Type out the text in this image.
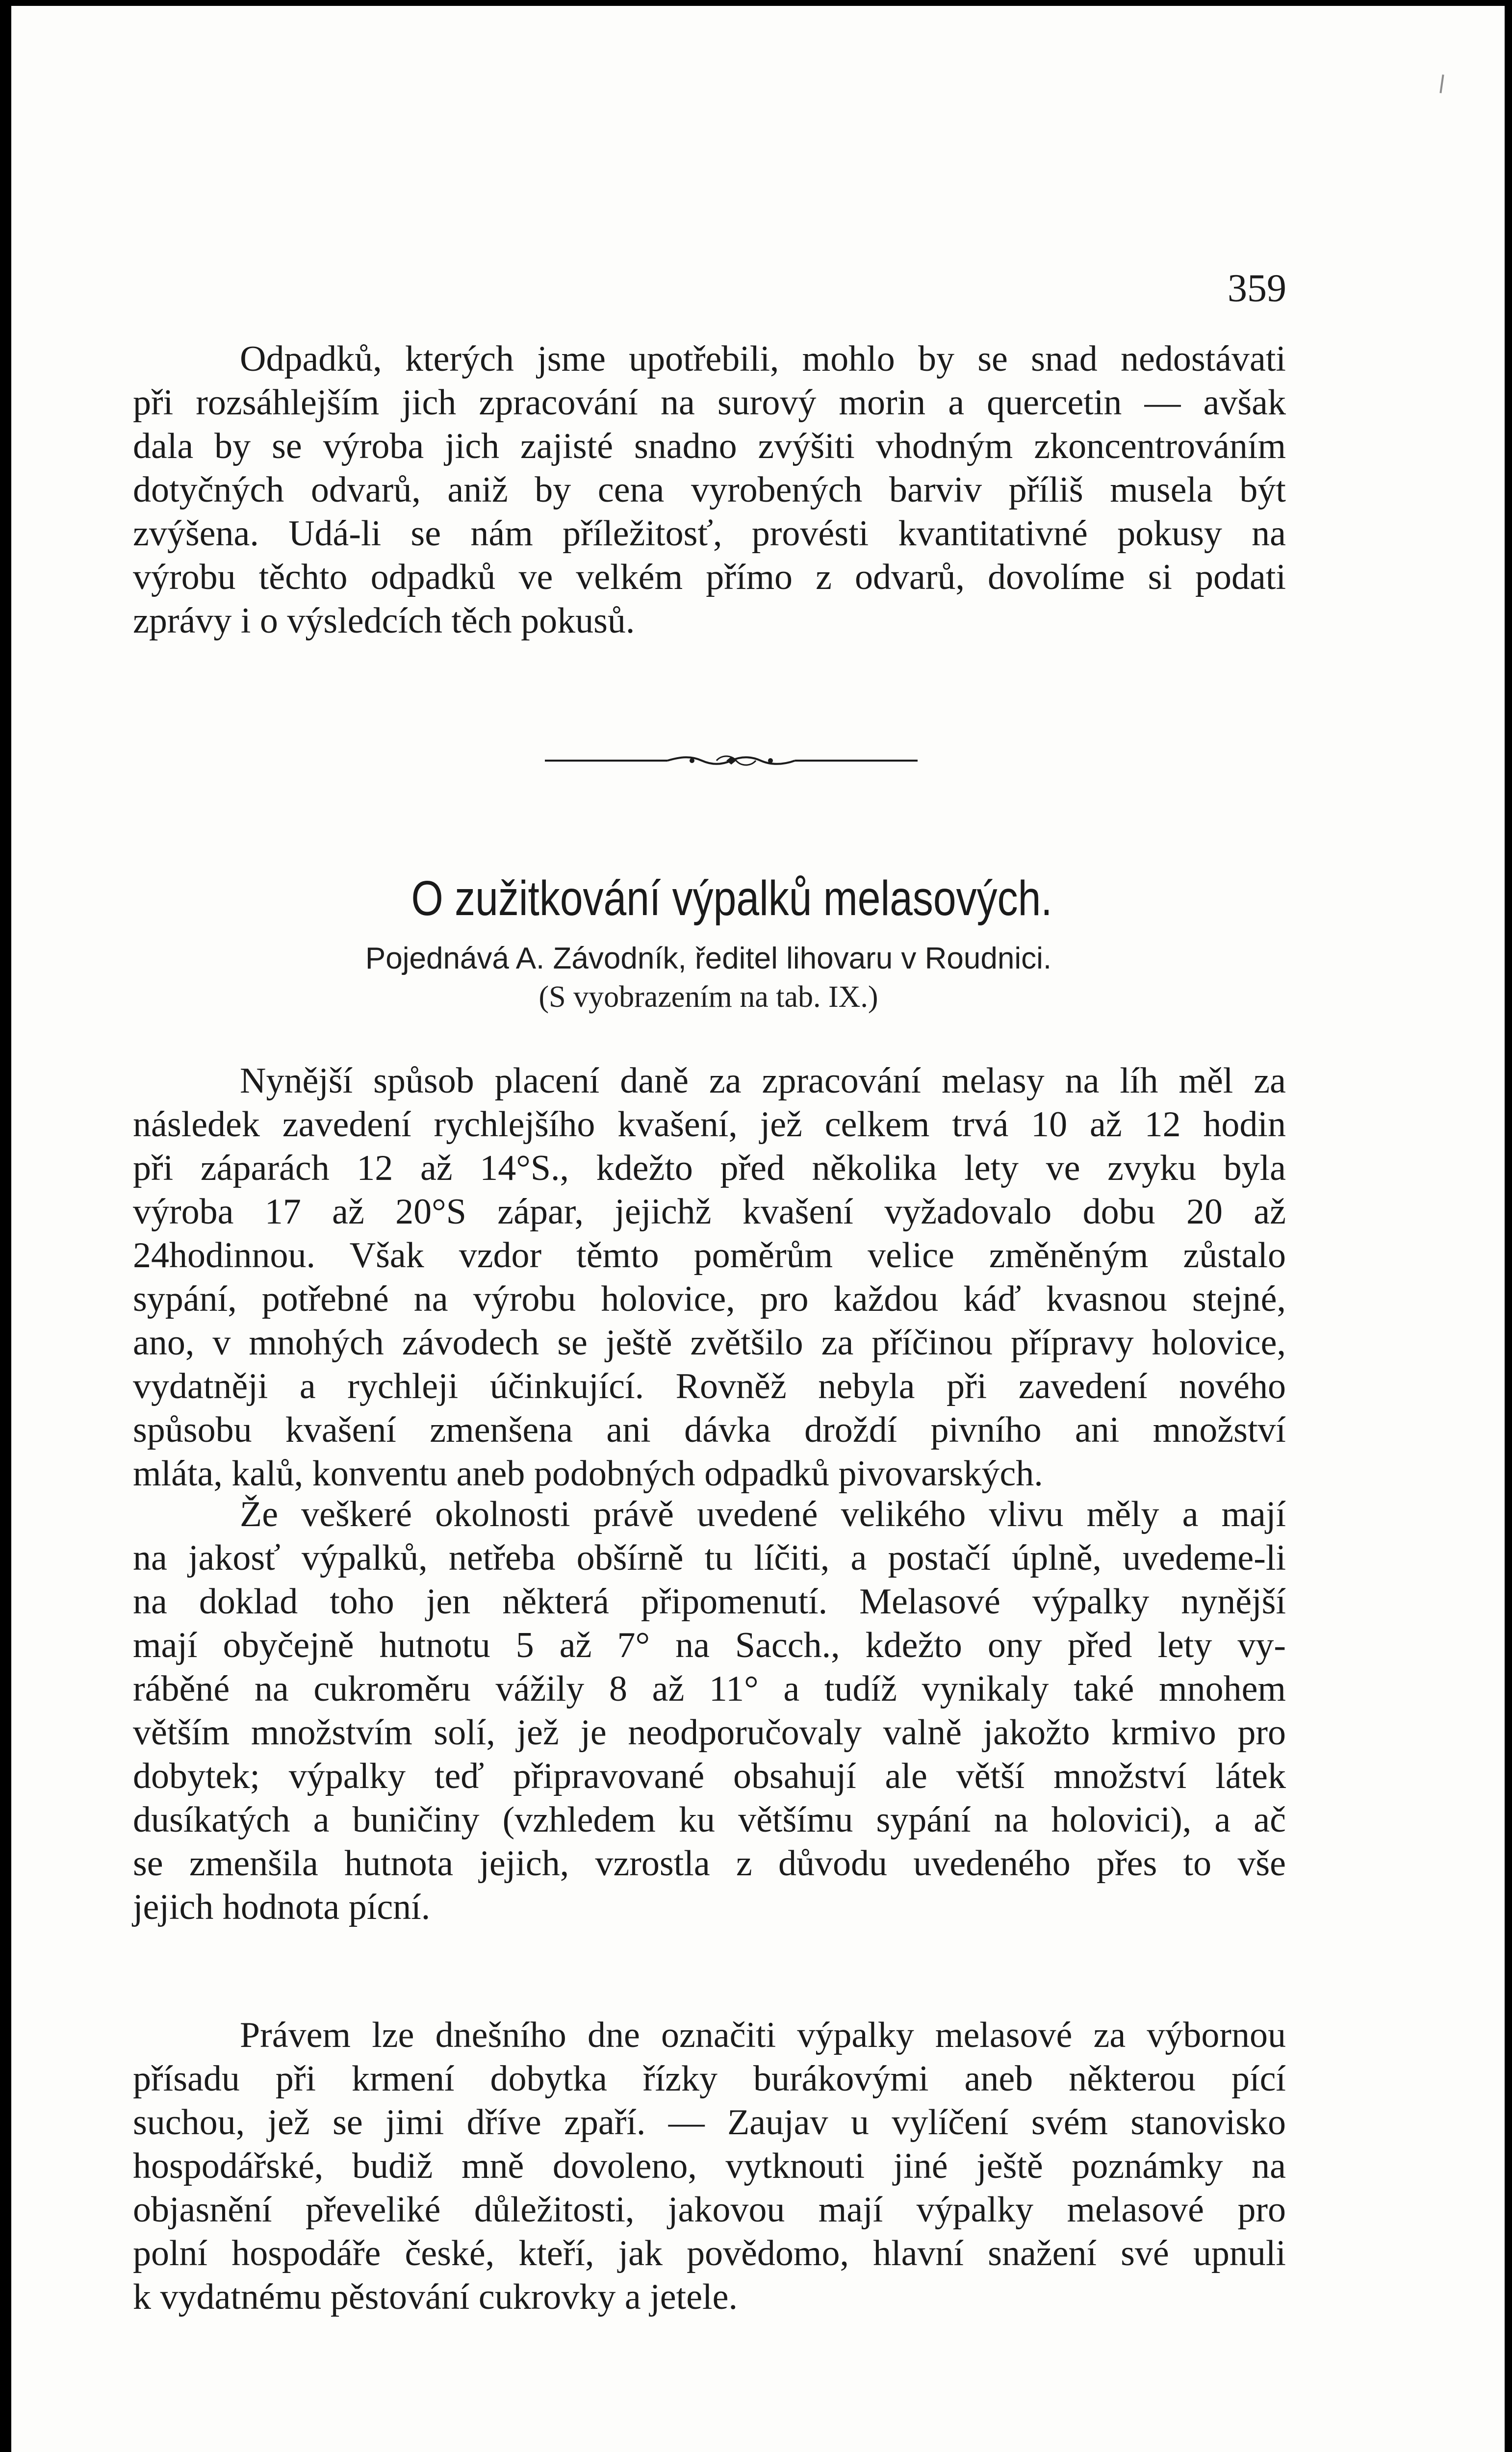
359
Odpadků, kterých jsme upotřebili, mohlo by se snad nedostávati
při rozsáhlejším jich zpracování na surový morin a quercetin — avšak
dala by se výroba jich zajisté snadno zvýšiti vhodným zkoncentrováním
dotyčných odvarů, aniž by cena vyrobených barviv příliš musela být
zvýšena. Udá-li se nám příležitosť, provésti kvantitativné pokusy na
výrobu těchto odpadků ve velkém přímo z odvarů, dovolíme si podati
zprávy i o výsledcích těch pokusů.
O zužitkování výpalků melasových.
Pojednává A. Závodník, ředitel lihovaru v Roudnici.
(S vyobrazením na tab. IX.)
Nynější spůsob placení daně za zpracování melasy na líh měl za
následek zavedení rychlejšího kvašení, jež celkem trvá 10 až 12 hodin
při záparách 12 až 14°S., kdežto před několika lety ve zvyku byla
výroba 17 až 20°S zápar, jejichž kvašení vyžadovalo dobu 20 až
24hodinnou. Však vzdor těmto poměrům velice změněným zůstalo
sypání, potřebné na výrobu holovice, pro každou káď kvasnou stejné,
ano, v mnohých závodech se ještě zvětšilo za příčinou přípravy holovice,
vydatněji a rychleji účinkující. Rovněž nebyla při zavedení nového
spůsobu kvašení zmenšena ani dávka droždí pivního ani množství
mláta, kalů, konventu aneb podobných odpadků pivovarských.
Že veškeré okolnosti právě uvedené velikého vlivu měly a mají
na jakosť výpalků, netřeba obšírně tu líčiti, a postačí úplně, uvedeme-li
na doklad toho jen některá připomenutí. Melasové výpalky nynější
mají obyčejně hutnotu 5 až 7° na Sacch., kdežto ony před lety vy-
ráběné na cukroměru vážily 8 až 11° a tudíž vynikaly také mnohem
větším množstvím solí, jež je neodporučovaly valně jakožto krmivo pro
dobytek; výpalky teď připravované obsahují ale větší množství látek
dusíkatých a buničiny (vzhledem ku většímu sypání na holovici), a ač
se zmenšila hutnota jejich, vzrostla z důvodu uvedeného přes to vše
jejich hodnota pícní.
Právem lze dnešního dne označiti výpalky melasové za výbornou
přísadu při krmení dobytka řízky burákovými aneb některou pící
suchou, jež se jimi dříve zpaří. — Zaujav u vylíčení svém stanovisko
hospodářské, budiž mně dovoleno, vytknouti jiné ještě poznámky na
objasnění převeliké důležitosti, jakovou mají výpalky melasové pro
polní hospodáře české, kteří, jak povědomo, hlavní snažení své upnuli
k vydatnému pěstování cukrovky a jetele.
